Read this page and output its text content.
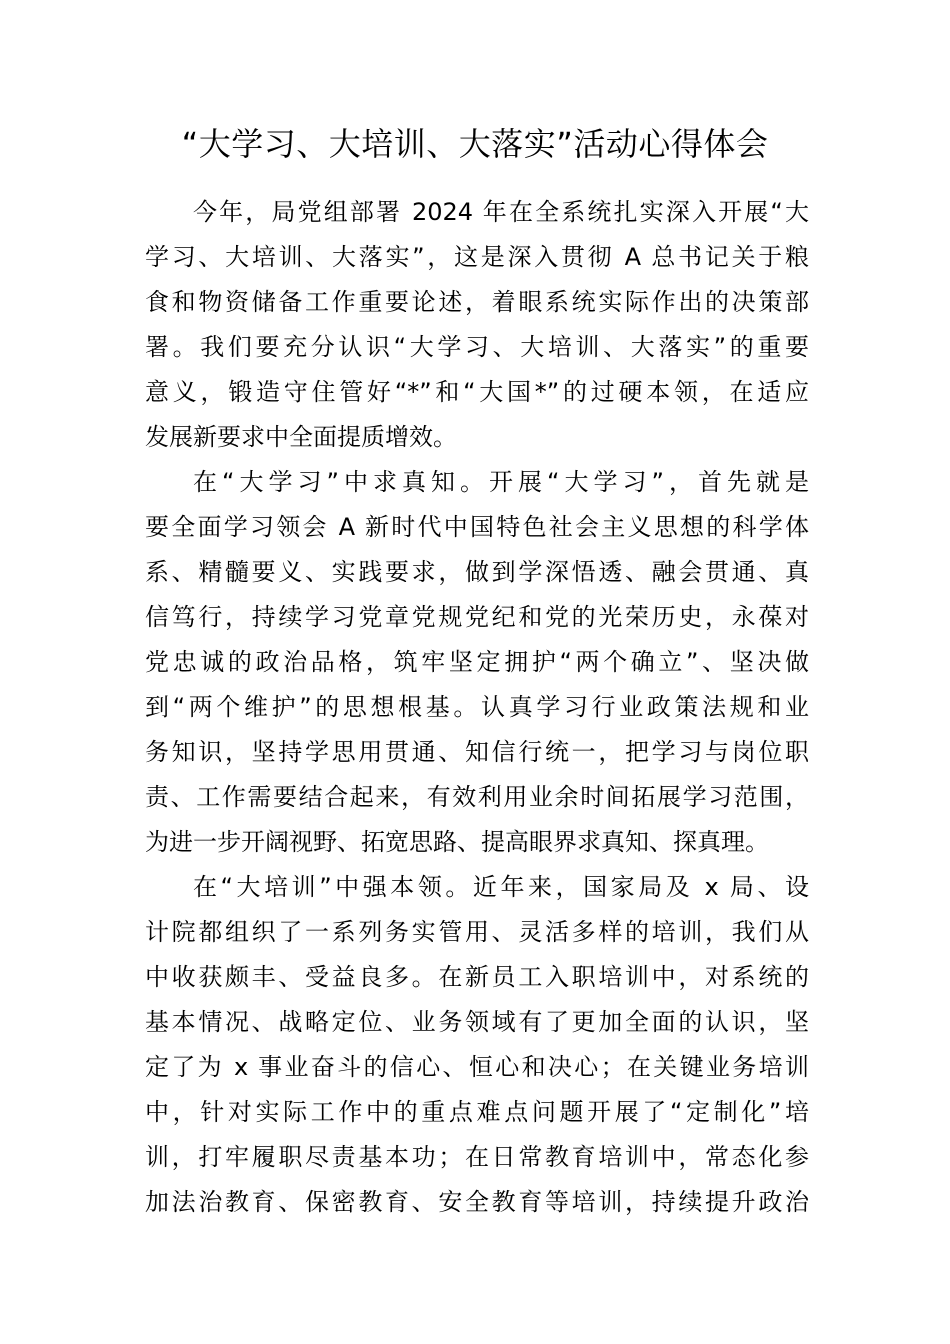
“大学习、大培训、大落实”活动心得体会
今年，局党组部署 2024 年在全系统扎实深入开展“大
学习、大培训、大落实”，这是深入贯彻 A 总书记关于粮
食和物资储备工作重要论述，着眼系统实际作出的决策部
署。我们要充分认识“大学习、大培训、大落实”的重要
意义，锻造守住管好“*”和“大国*”的过硬本领，在适应
发展新要求中全面提质增效。
在“大学习”中求真知。开展“大学习”，首先就是
要全面学习领会 A 新时代中国特色社会主义思想的科学体
系、精髓要义、实践要求，做到学深悟透、融会贯通、真
信笃行，持续学习党章党规党纪和党的光荣历史，永葆对
党忠诚的政治品格，筑牢坚定拥护“两个确立”、坚决做
到“两个维护”的思想根基。认真学习行业政策法规和业
务知识，坚持学思用贯通、知信行统一，把学习与岗位职
责、工作需要结合起来，有效利用业余时间拓展学习范围，
为进一步开阔视野、拓宽思路、提高眼界求真知、探真理。
在“大培训”中强本领。近年来，国家局及 x 局、设
计院都组织了一系列务实管用、灵活多样的培训，我们从
中收获颇丰、受益良多。在新员工入职培训中，对系统的
基本情况、战略定位、业务领域有了更加全面的认识，坚
定了为 x 事业奋斗的信心、恒心和决心；在关键业务培训
中，针对实际工作中的重点难点问题开展了“定制化”培
训，打牢履职尽责基本功；在日常教育培训中，常态化参
加法治教育、保密教育、安全教育等培训，持续提升政治
